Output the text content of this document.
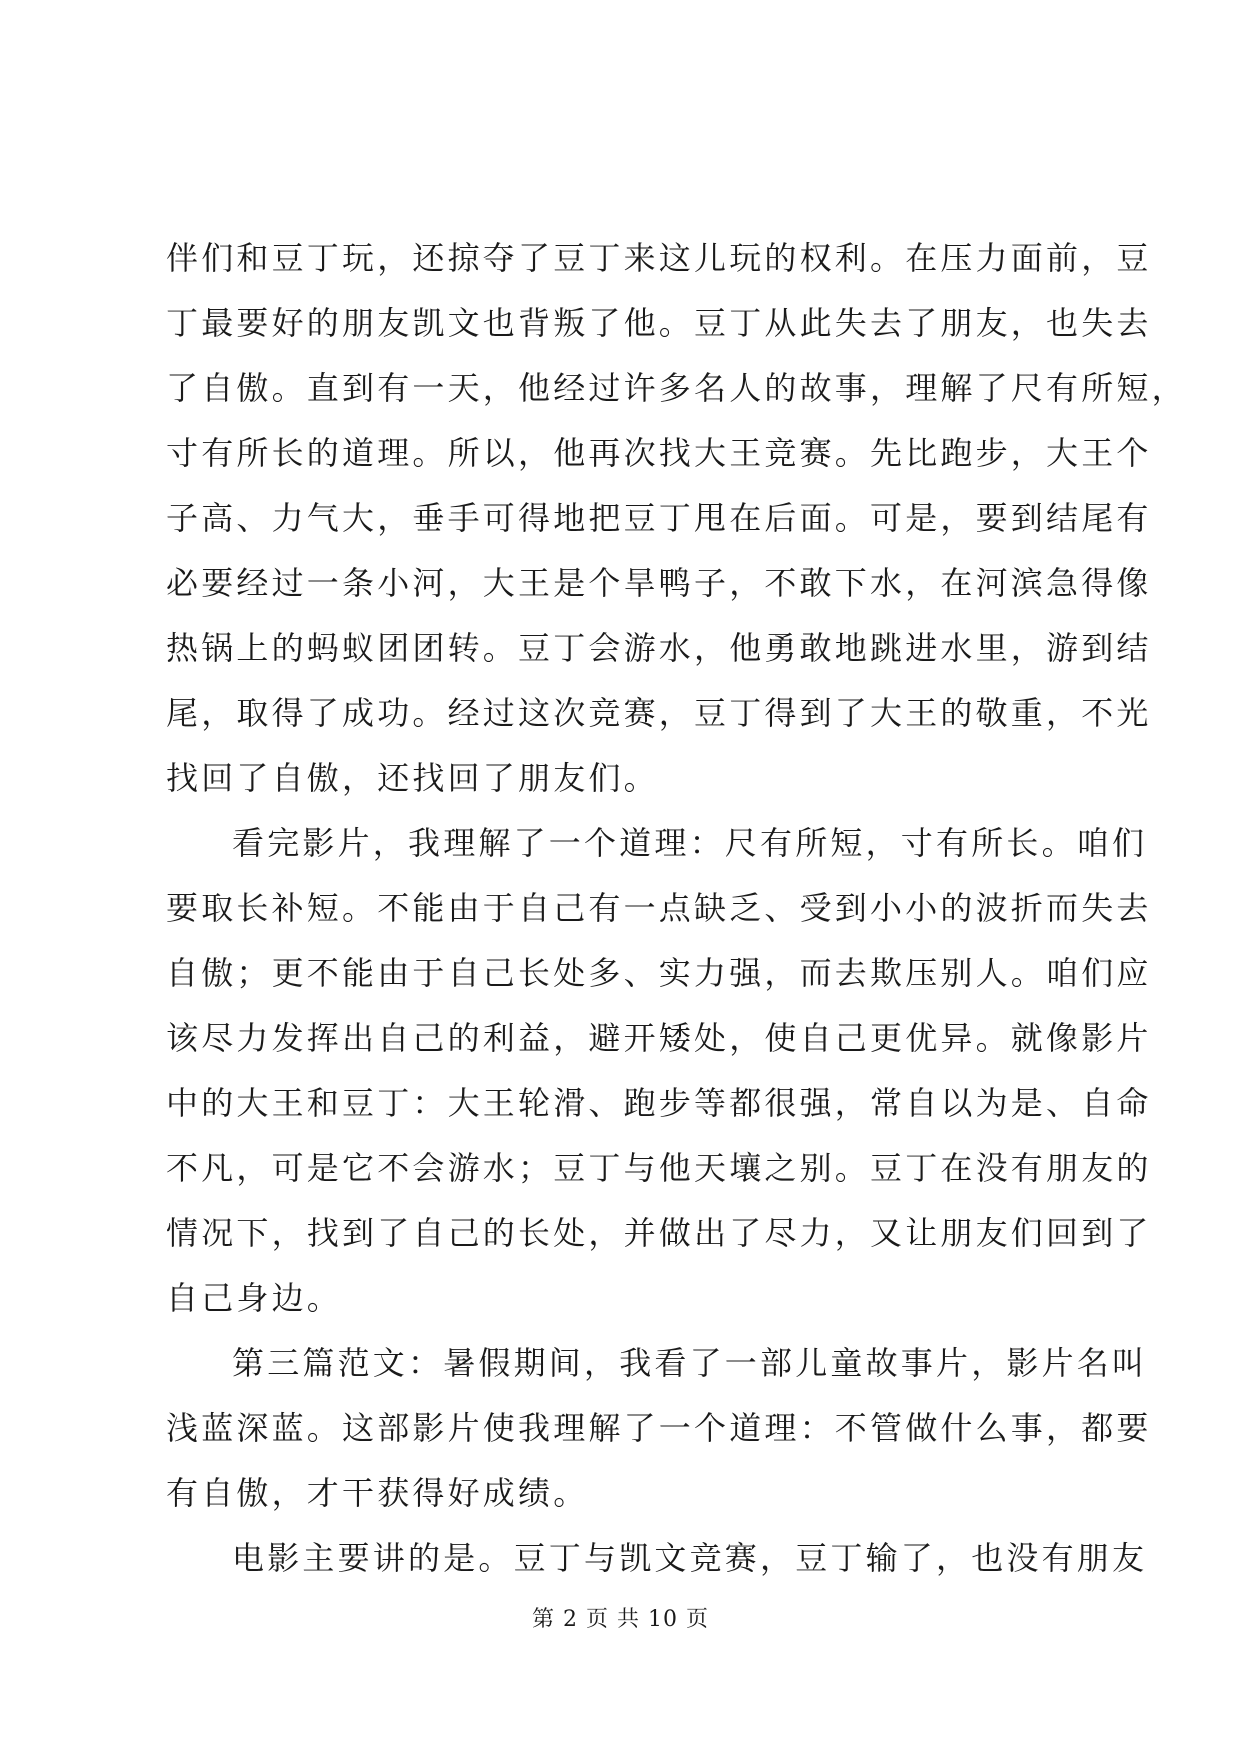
伴们和豆丁玩，还掠夺了豆丁来这儿玩的权利。在压力面前，豆
丁最要好的朋友凯文也背叛了他。豆丁从此失去了朋友，也失去
了自傲。直到有一天，他经过许多名人的故事，理解了尺有所短，
寸有所长的道理。所以，他再次找大王竞赛。先比跑步，大王个
子高、力气大，垂手可得地把豆丁甩在后面。可是，要到结尾有
必要经过一条小河，大王是个旱鸭子，不敢下水，在河滨急得像
热锅上的蚂蚁团团转。豆丁会游水，他勇敢地跳进水里，游到结
尾，取得了成功。经过这次竞赛，豆丁得到了大王的敬重，不光
找回了自傲，还找回了朋友们。
看完影片，我理解了一个道理：尺有所短，寸有所长。咱们
要取长补短。不能由于自己有一点缺乏、受到小小的波折而失去
自傲；更不能由于自己长处多、实力强，而去欺压别人。咱们应
该尽力发挥出自己的利益，避开矮处，使自己更优异。就像影片
中的大王和豆丁：大王轮滑、跑步等都很强，常自以为是、自命
不凡，可是它不会游水；豆丁与他天壤之别。豆丁在没有朋友的
情况下，找到了自己的长处，并做出了尽力，又让朋友们回到了
自己身边。
第三篇范文：暑假期间，我看了一部儿童故事片，影片名叫
浅蓝深蓝。这部影片使我理解了一个道理：不管做什么事，都要
有自傲，才干获得好成绩。
电影主要讲的是。豆丁与凯文竞赛，豆丁输了，也没有朋友
第 2 页 共 10 页
